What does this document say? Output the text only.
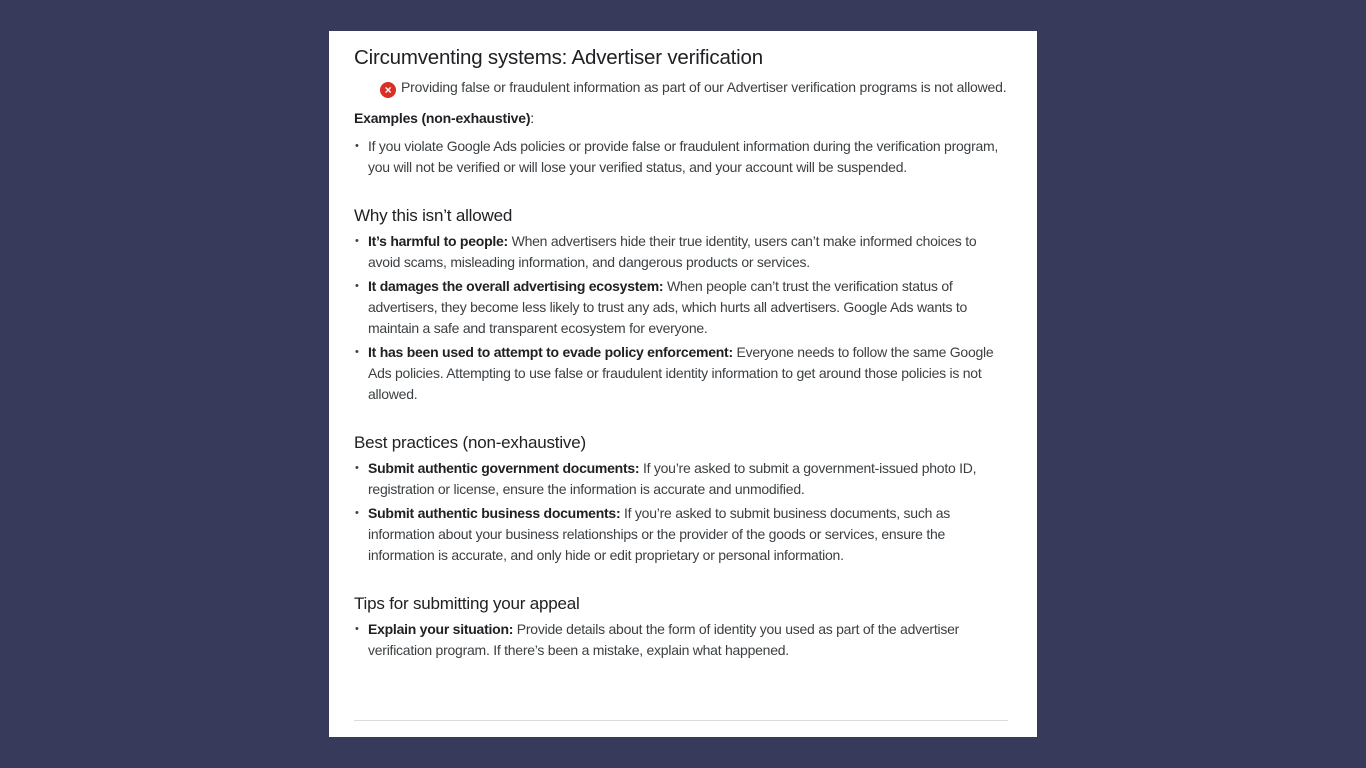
Circumventing systems: Advertiser verification
× Providing false or fraudulent information as part of our Advertiser verification programs is not allowed.
Examples (non-exhaustive):
• If you violate Google Ads policies or provide false or fraudulent information during the verification program, you will not be verified or will lose your verified status, and your account will be suspended.
Why this isn’t allowed
• It’s harmful to people: When advertisers hide their true identity, users can’t make informed choices to avoid scams, misleading information, and dangerous products or services.
• It damages the overall advertising ecosystem: When people can’t trust the verification status of advertisers, they become less likely to trust any ads, which hurts all advertisers. Google Ads wants to maintain a safe and transparent ecosystem for everyone.
• It has been used to attempt to evade policy enforcement: Everyone needs to follow the same Google Ads policies. Attempting to use false or fraudulent identity information to get around those policies is not allowed.
Best practices (non-exhaustive)
• Submit authentic government documents: If you’re asked to submit a government-issued photo ID, registration or license, ensure the information is accurate and unmodified.
• Submit authentic business documents: If you’re asked to submit business documents, such as information about your business relationships or the provider of the goods or services, ensure the information is accurate, and only hide or edit proprietary or personal information.
Tips for submitting your appeal
• Explain your situation: Provide details about the form of identity you used as part of the advertiser verification program. If there’s been a mistake, explain what happened.
